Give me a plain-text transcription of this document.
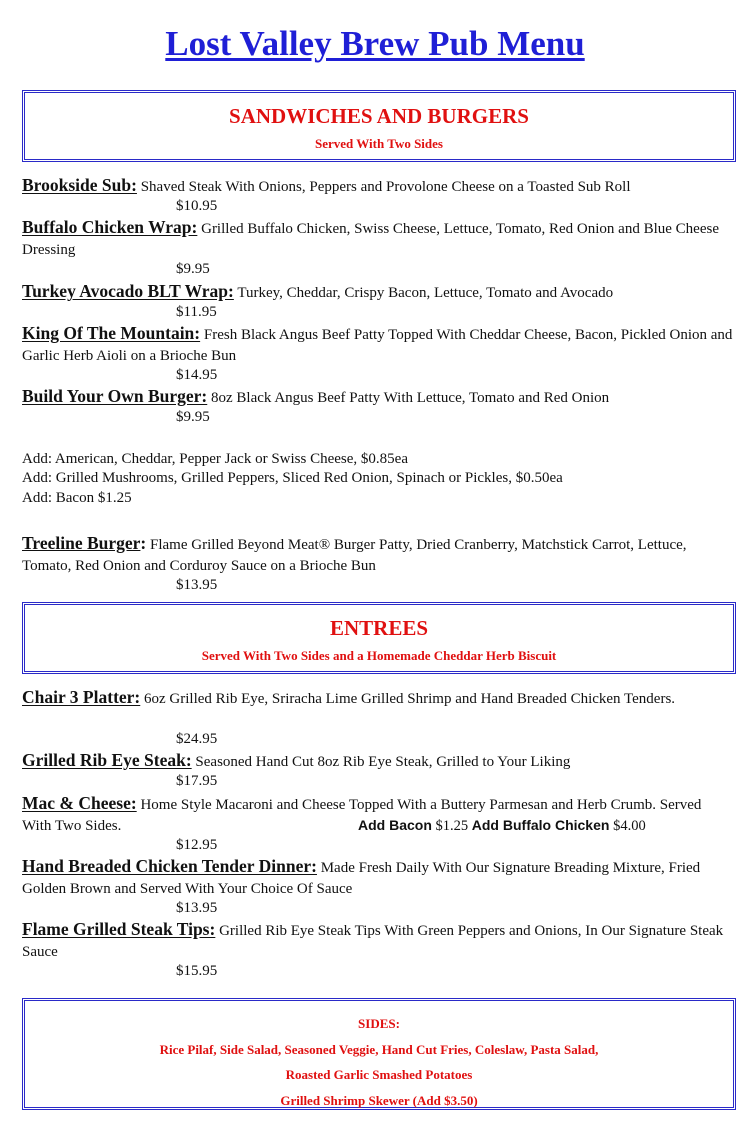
Lost Valley Brew Pub Menu
SANDWICHES AND BURGERS
Served With Two Sides
Brookside Sub: Shaved Steak With Onions, Peppers and Provolone Cheese on a Toasted Sub Roll
$10.95
Buffalo Chicken Wrap: Grilled Buffalo Chicken, Swiss Cheese, Lettuce, Tomato, Red Onion and Blue Cheese Dressing
$9.95
Turkey Avocado BLT Wrap: Turkey, Cheddar, Crispy Bacon, Lettuce, Tomato and Avocado
$11.95
King Of The Mountain: Fresh Black Angus Beef Patty Topped With Cheddar Cheese, Bacon, Pickled Onion and Garlic Herb Aioli on a Brioche Bun
$14.95
Build Your Own Burger: 8oz Black Angus Beef Patty With Lettuce, Tomato and Red Onion
$9.95
Add: American, Cheddar, Pepper Jack or Swiss Cheese, $0.85ea
Add: Grilled Mushrooms, Grilled Peppers, Sliced Red Onion, Spinach or Pickles, $0.50ea
Add: Bacon $1.25
Treeline Burger: Flame Grilled Beyond Meat® Burger Patty, Dried Cranberry, Matchstick Carrot, Lettuce, Tomato, Red Onion and Corduroy Sauce on a Brioche Bun
$13.95
ENTREES
Served With Two Sides and a Homemade Cheddar Herb Biscuit
Chair 3 Platter: 6oz Grilled Rib Eye, Sriracha Lime Grilled Shrimp and Hand Breaded Chicken Tenders.
$24.95
Grilled Rib Eye Steak: Seasoned Hand Cut 8oz Rib Eye Steak, Grilled to Your Liking
$17.95
Mac & Cheese: Home Style Macaroni and Cheese Topped With a Buttery Parmesan and Herb Crumb. Served With Two Sides.	Add Bacon $1.25 Add Buffalo Chicken $4.00
$12.95
Hand Breaded Chicken Tender Dinner: Made Fresh Daily With Our Signature Breading Mixture, Fried Golden Brown and Served With Your Choice Of Sauce
$13.95
Flame Grilled Steak Tips: Grilled Rib Eye Steak Tips With Green Peppers and Onions, In Our Signature Steak Sauce
$15.95
SIDES:
Rice Pilaf, Side Salad, Seasoned Veggie, Hand Cut Fries, Coleslaw, Pasta Salad,
Roasted Garlic Smashed Potatoes
Grilled Shrimp Skewer (Add $3.50)
